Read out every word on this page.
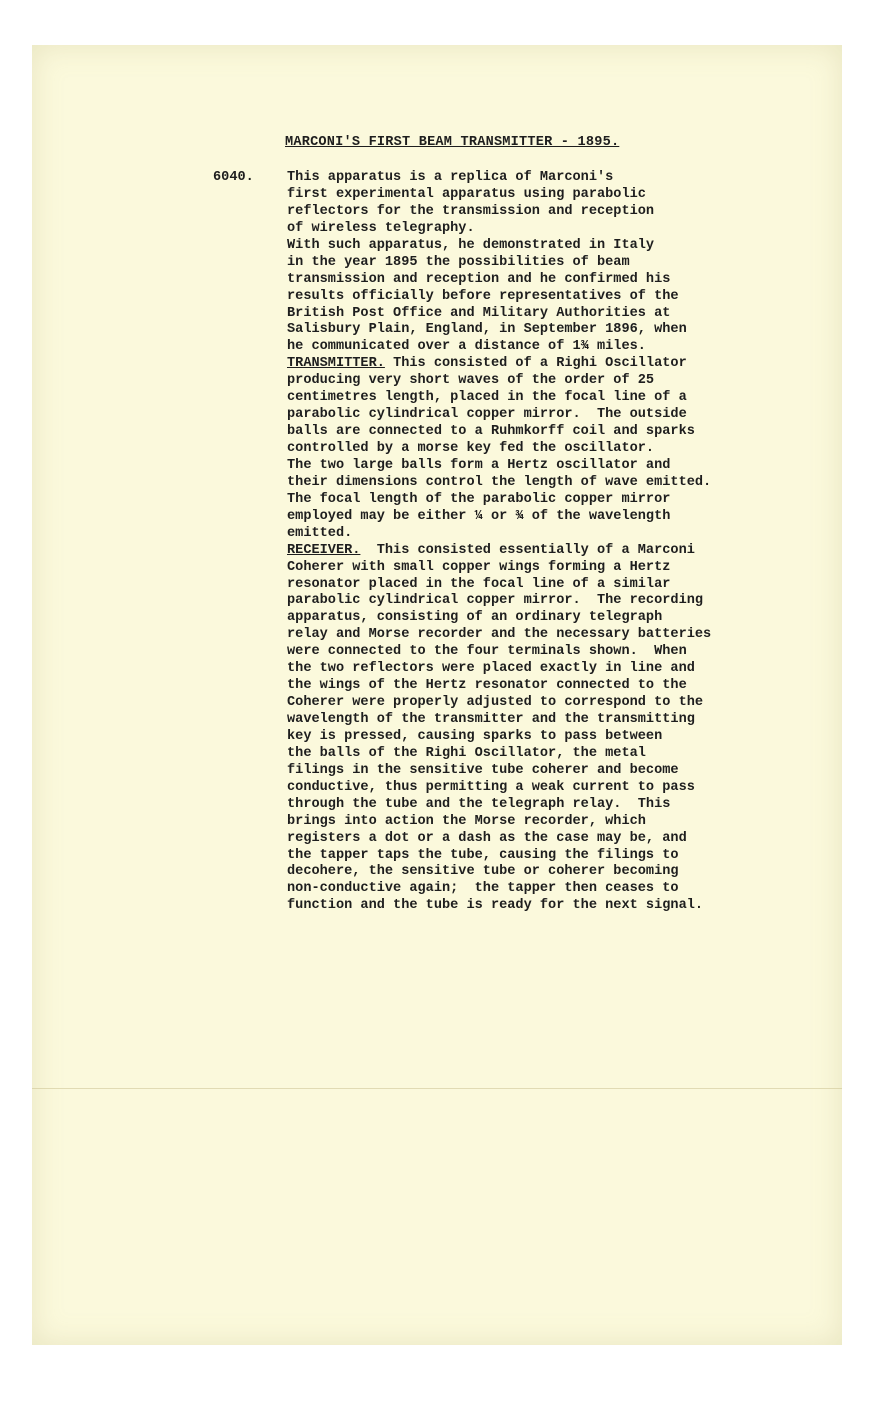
MARCONI'S FIRST BEAM TRANSMITTER - 1895.
6040. This apparatus is a replica of Marconi's
first experimental apparatus using parabolic
reflectors for the transmission and reception
of wireless telegraphy.
With such apparatus, he demonstrated in Italy
in the year 1895 the possibilities of beam
transmission and reception and he confirmed his
results officially before representatives of the
British Post Office and Military Authorities at
Salisbury Plain, England, in September 1896, when
he communicated over a distance of 1¾ miles.
TRANSMITTER. This consisted of a Righi Oscillator
producing very short waves of the order of 25
centimetres length, placed in the focal line of a
parabolic cylindrical copper mirror.  The outside
balls are connected to a Ruhmkorff coil and sparks
controlled by a morse key fed the oscillator.
The two large balls form a Hertz oscillator and
their dimensions control the length of wave emitted.
The focal length of the parabolic copper mirror
employed may be either ¼ or ¾ of the wavelength
emitted.
RECEIVER.  This consisted essentially of a Marconi
Coherer with small copper wings forming a Hertz
resonator placed in the focal line of a similar
parabolic cylindrical copper mirror.  The recording
apparatus, consisting of an ordinary telegraph
relay and Morse recorder and the necessary batteries
were connected to the four terminals shown.  When
the two reflectors were placed exactly in line and
the wings of the Hertz resonator connected to the
Coherer were properly adjusted to correspond to the
wavelength of the transmitter and the transmitting
key is pressed, causing sparks to pass between
the balls of the Righi Oscillator, the metal
filings in the sensitive tube coherer and become
conductive, thus permitting a weak current to pass
through the tube and the telegraph relay.  This
brings into action the Morse recorder, which
registers a dot or a dash as the case may be, and
the tapper taps the tube, causing the filings to
decohere, the sensitive tube or coherer becoming
non-conductive again;  the tapper then ceases to
function and the tube is ready for the next signal.
